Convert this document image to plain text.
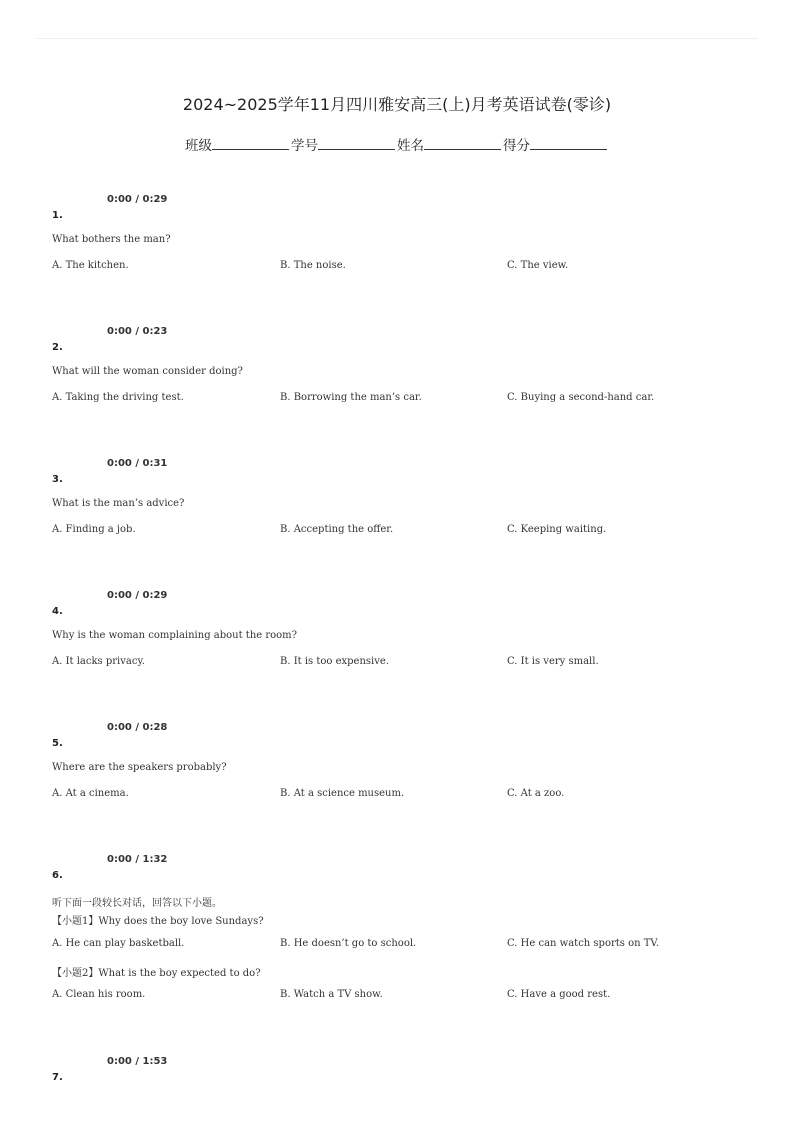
2024~2025学年11月四川雅安高三(上)月考英语试卷(零诊)
班级	学号	姓名	得分
0:00 / 0:29
1.
What bothers the man?
A. The kitchen.	B. The noise.	C. The view.
0:00 / 0:23
2.
What will the woman consider doing?
A. Taking the driving test.	B. Borrowing the man’s car.	C. Buying a second-hand car.
0:00 / 0:31
3.
What is the man’s advice?
A. Finding a job.	B. Accepting the offer.	C. Keeping waiting.
0:00 / 0:29
4.
Why is the woman complaining about the room?
A. It lacks privacy.	B. It is too expensive.	C. It is very small.
0:00 / 0:28
5.
Where are the speakers probably?
A. At a cinema.	B. At a science museum.	C. At a zoo.
0:00 / 1:32
6.
听下面一段较长对话，回答以下小题。
【小题1】Why does the boy love Sundays?
A. He can play basketball.	B. He doesn’t go to school.	C. He can watch sports on TV.
【小题2】What is the boy expected to do?
A. Clean his room.	B. Watch a TV show.	C. Have a good rest.
0:00 / 1:53
7.
